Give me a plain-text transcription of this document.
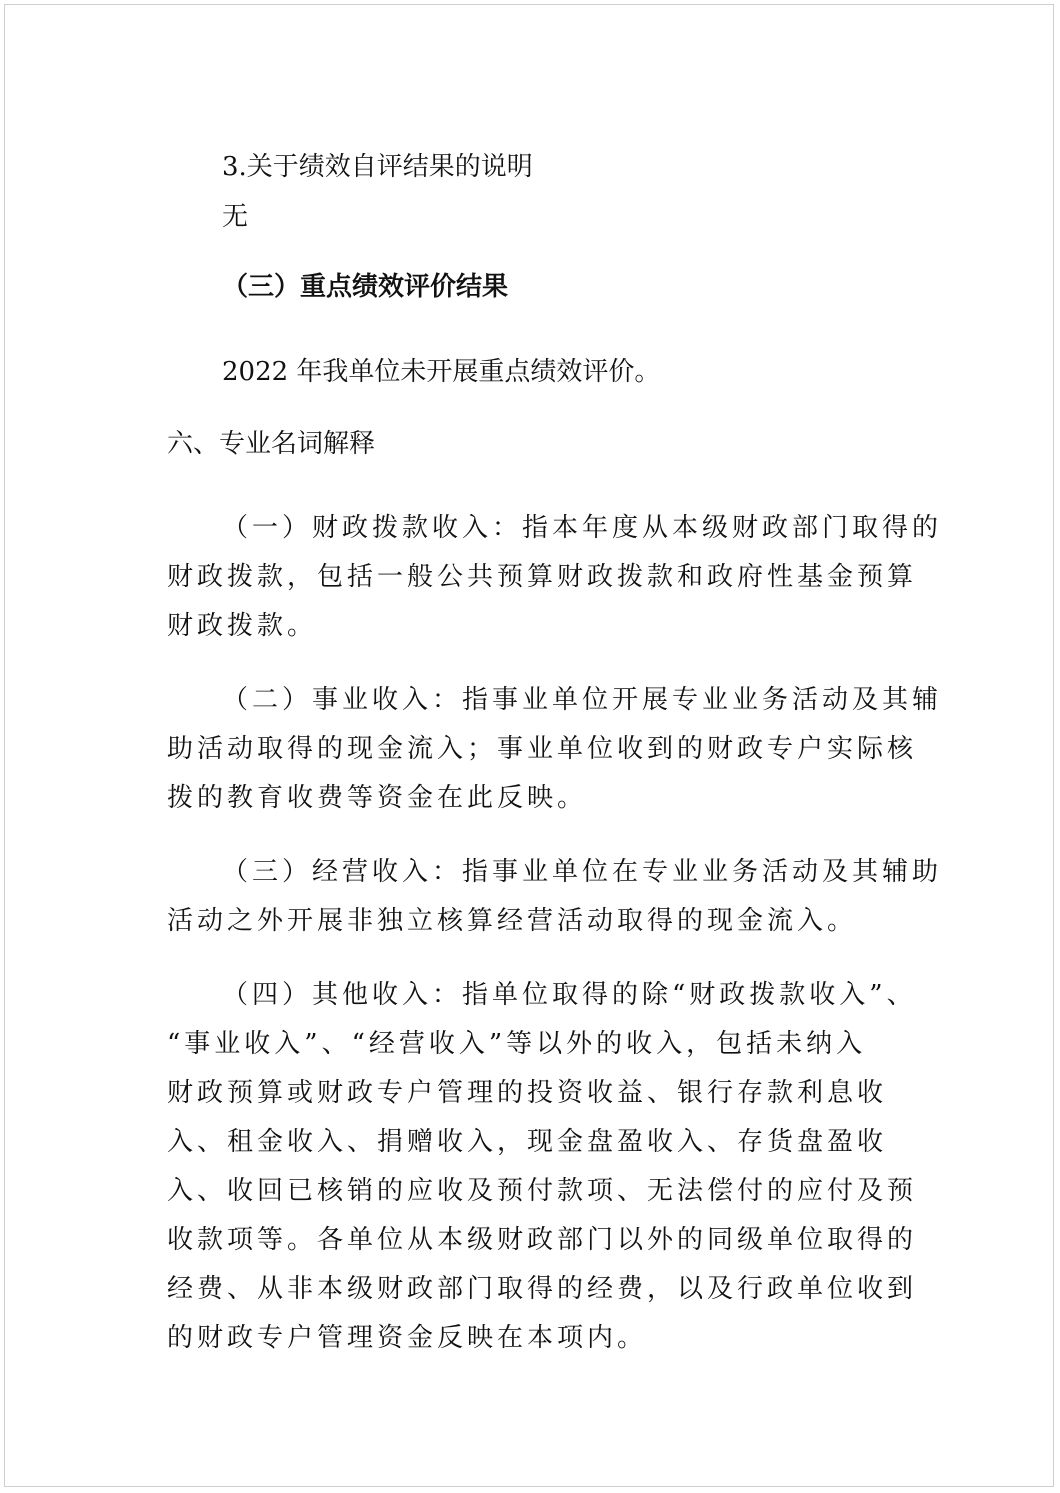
3.关于绩效自评结果的说明
无
（三）重点绩效评价结果
2022 年我单位未开展重点绩效评价。
六、专业名词解释
（一）财政拨款收入：指本年度从本级财政部门取得的
财政拨款，包括一般公共预算财政拨款和政府性基金预算
财政拨款。
（二）事业收入：指事业单位开展专业业务活动及其辅
助活动取得的现金流入；事业单位收到的财政专户实际核
拨的教育收费等资金在此反映。
（三）经营收入：指事业单位在专业业务活动及其辅助
活动之外开展非独立核算经营活动取得的现金流入。
（四）其他收入：指单位取得的除“财政拨款收入”、
“事业收入”、“经营收入”等以外的收入，包括未纳入
财政预算或财政专户管理的投资收益、银行存款利息收
入、租金收入、捐赠收入，现金盘盈收入、存货盘盈收
入、收回已核销的应收及预付款项、无法偿付的应付及预
收款项等。各单位从本级财政部门以外的同级单位取得的
经费、从非本级财政部门取得的经费，以及行政单位收到
的财政专户管理资金反映在本项内。
